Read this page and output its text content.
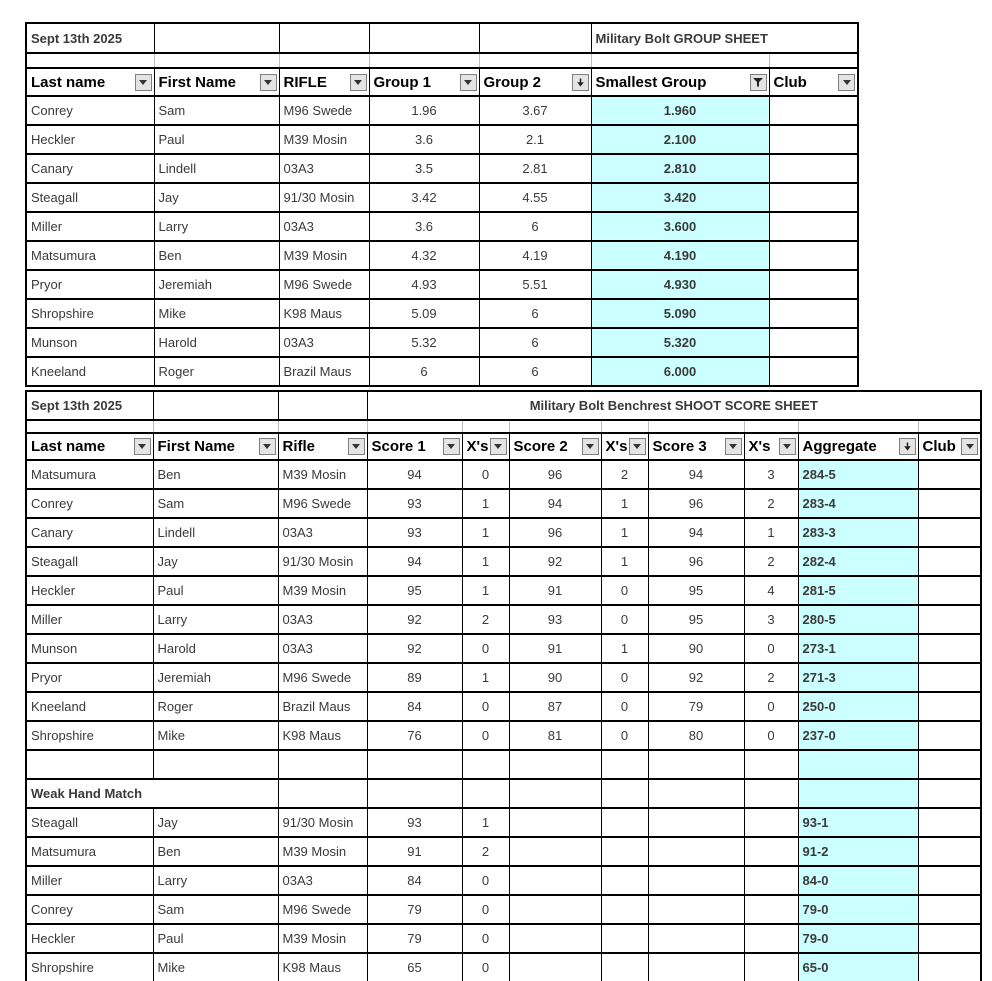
Sept 13th 2025					Military Bolt GROUP SHEET	

Last name	First Name	RIFLE	Group 1	Group 2	Smallest Group	Club

Conrey	Sam	M96 Swede	1.96	3.67	1.960	
Heckler	Paul	M39 Mosin	3.6	2.1	2.100	
Canary	Lindell	03A3	3.5	2.81	2.810	
Steagall	Jay	91/30 Mosin	3.42	4.55	3.420	
Miller	Larry	03A3	3.6	6	3.600	
Matsumura	Ben	M39 Mosin	4.32	4.19	4.190	
Pryor	Jeremiah	M96 Swede	4.93	5.51	4.930	
Shropshire	Mike	K98 Maus	5.09	6	5.090	
Munson	Harold	03A3	5.32	6	5.320	
Kneeland	Roger	Brazil Maus	6	6	6.000	
Sept 13th 2025			Military Bolt Benchrest SHOOT SCORE SHEET							

Last name	First Name	Rifle	Score 1	X's	Score 2	X's	Score 3	X's	Aggregate	Club

Matsumura	Ben	M39 Mosin	94	0	96	2	94	3	284-5	
Conrey	Sam	M96 Swede	93	1	94	1	96	2	283-4	
Canary	Lindell	03A3	93	1	96	1	94	1	283-3	
Steagall	Jay	91/30 Mosin	94	1	92	1	96	2	282-4	
Heckler	Paul	M39 Mosin	95	1	91	0	95	4	281-5	
Miller	Larry	03A3	92	2	93	0	95	3	280-5	
Munson	Harold	03A3	92	0	91	1	90	0	273-1	
Pryor	Jeremiah	M96 Swede	89	1	90	0	92	2	271-3	
Kneeland	Roger	Brazil Maus	84	0	87	0	79	0	250-0	
Shropshire	Mike	K98 Maus	76	0	81	0	80	0	237-0	

Weak Hand Match										
Steagall	Jay	91/30 Mosin	93	1					93-1	
Matsumura	Ben	M39 Mosin	91	2					91-2	
Miller	Larry	03A3	84	0					84-0	
Conrey	Sam	M96 Swede	79	0					79-0	
Heckler	Paul	M39 Mosin	79	0					79-0	
Shropshire	Mike	K98 Maus	65	0					65-0	
